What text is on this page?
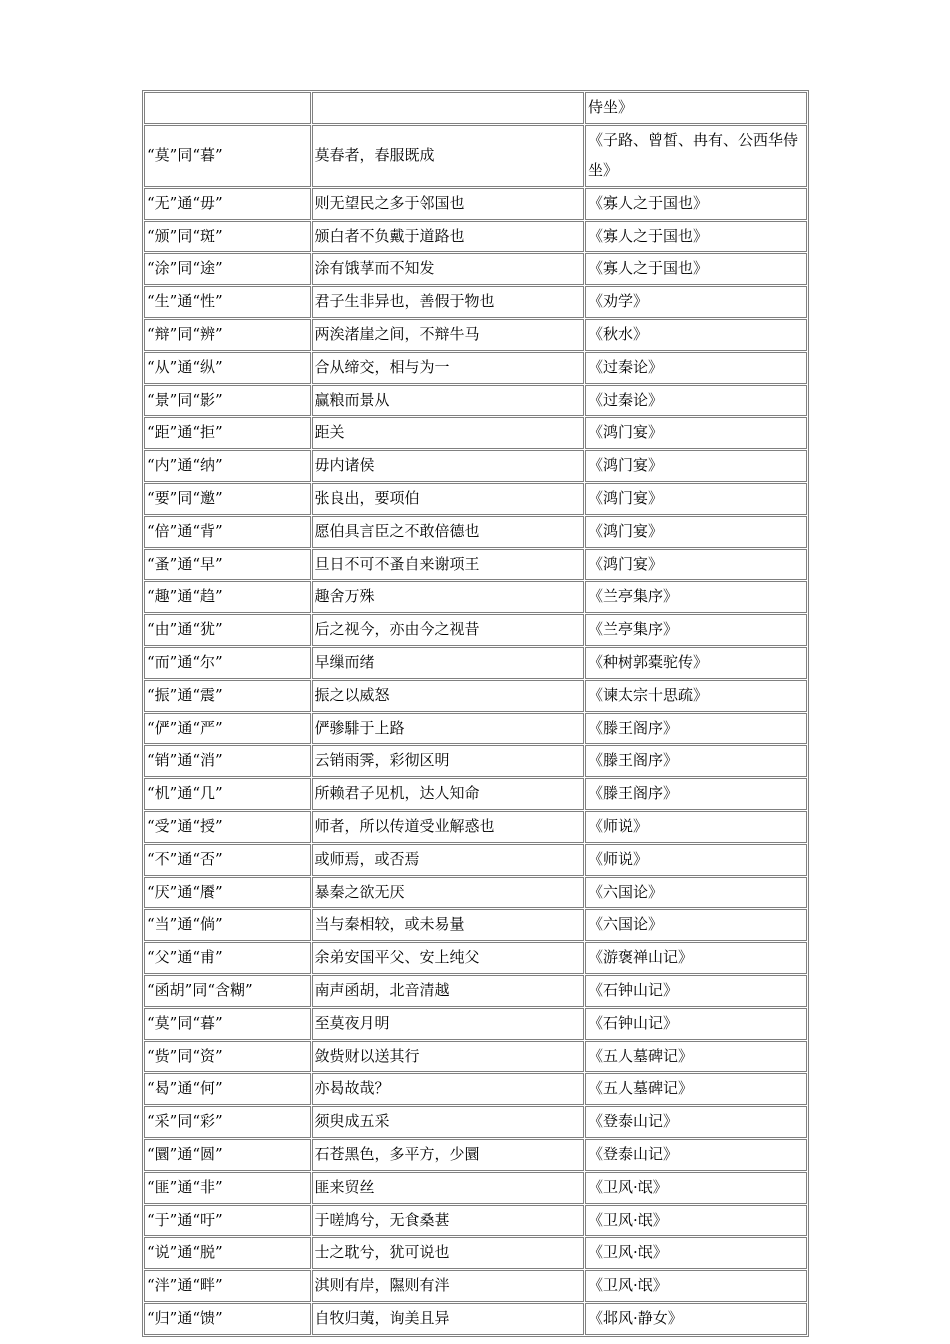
		侍坐》
“莫”同“暮”	莫春者，春服既成	《子路、曾皙、冉有、公西华侍坐》
“无”通“毋”	则无望民之多于邻国也	《寡人之于国也》
“颁”同“斑”	颁白者不负戴于道路也	《寡人之于国也》
“涂”同“途”	涂有饿莩而不知发	《寡人之于国也》
“生”通“性”	君子生非异也，善假于物也	《劝学》
“辩”同“辨”	两涘渚崖之间，不辩牛马	《秋水》
“从”通“纵”	合从缔交，相与为一	《过秦论》
“景”同“影”	赢粮而景从	《过秦论》
“距”通“拒”	距关	《鸿门宴》
“内”通“纳”	毋内诸侯	《鸿门宴》
“要”同“邀”	张良出，要项伯	《鸿门宴》
“倍”通“背”	愿伯具言臣之不敢倍德也	《鸿门宴》
“蚤”通“早”	旦日不可不蚤自来谢项王	《鸿门宴》
“趣”通“趋”	趣舍万殊	《兰亭集序》
“由”通“犹”	后之视今，亦由今之视昔	《兰亭集序》
“而”通“尔”	早缫而绪	《种树郭橐驼传》
“振”通“震”	振之以威怒	《谏太宗十思疏》
“俨”通“严”	俨骖騑于上路	《滕王阁序》
“销”通“消”	云销雨霁，彩彻区明	《滕王阁序》
“机”通“几”	所赖君子见机，达人知命	《滕王阁序》
“受”通“授”	师者，所以传道受业解惑也	《师说》
“不”通“否”	或师焉，或否焉	《师说》
“厌”通“餍”	暴秦之欲无厌	《六国论》
“当”通“倘”	当与秦相较，或未易量	《六国论》
“父”通“甫”	余弟安国平父、安上纯父	《游褒禅山记》
“函胡”同“含糊”	南声函胡，北音清越	《石钟山记》
“莫”同“暮”	至莫夜月明	《石钟山记》
“赀”同“资”	敛赀财以送其行	《五人墓碑记》
“曷”通“何”	亦曷故哉？	《五人墓碑记》
“采”同“彩”	须臾成五采	《登泰山记》
“圜”通“圆”	石苍黑色，多平方，少圜	《登泰山记》
“匪”通“非”	匪来贸丝	《卫风·氓》
“于”通“吁”	于嗟鸠兮，无食桑葚	《卫风·氓》
“说”通“脱”	士之耽兮，犹可说也	《卫风·氓》
“泮”通“畔”	淇则有岸，隰则有泮	《卫风·氓》
“归”通“馈”	自牧归荑，询美且异	《邶风·静女》
